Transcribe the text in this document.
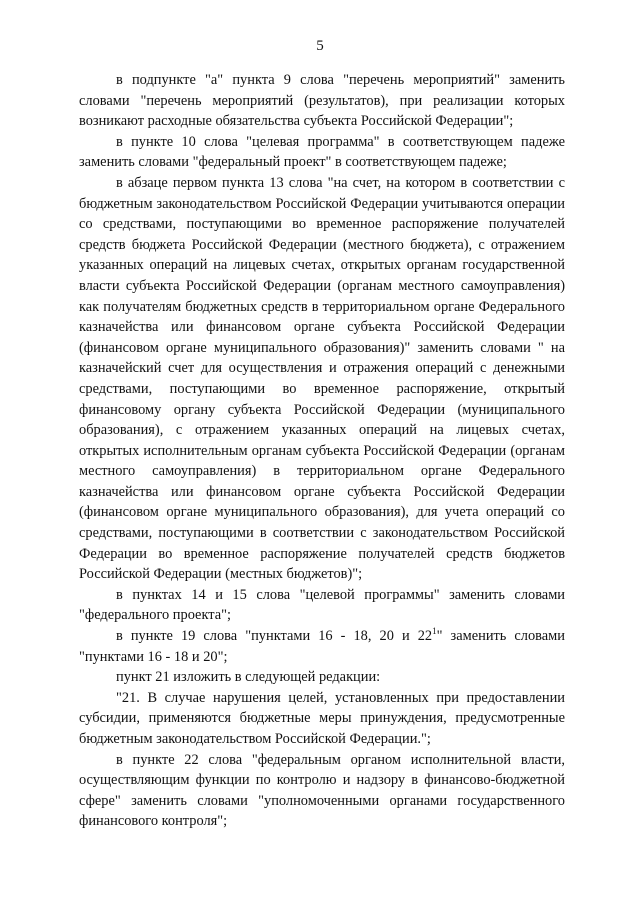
5

в подпункте "а" пункта 9 слова "перечень мероприятий" заменить словами "перечень мероприятий (результатов), при реализации которых возникают расходные обязательства субъекта Российской Федерации";

в пункте 10 слова "целевая программа" в соответствующем падеже заменить словами "федеральный проект" в соответствующем падеже;

в абзаце первом пункта 13 слова "на счет, на котором в соответствии с бюджетным законодательством Российской Федерации учитываются операции со средствами, поступающими во временное распоряжение получателей средств бюджета Российской Федерации (местного бюджета), с отражением указанных операций на лицевых счетах, открытых органам государственной власти субъекта Российской Федерации (органам местного самоуправления) как получателям бюджетных средств в территориальном органе Федерального казначейства или финансовом органе субъекта Российской Федерации (финансовом органе муниципального образования)" заменить словами " на казначейский счет для осуществления и отражения операций с денежными средствами, поступающими во временное распоряжение, открытый финансовому органу субъекта Российской Федерации (муниципального образования), с отражением указанных операций на лицевых счетах, открытых исполнительным органам субъекта Российской Федерации (органам местного самоуправления) в территориальном органе Федерального казначейства или финансовом органе субъекта Российской Федерации (финансовом органе муниципального образования), для учета операций со средствами, поступающими в соответствии с законодательством Российской Федерации во временное распоряжение получателей средств бюджетов Российской Федерации (местных бюджетов)";

в пунктах 14 и 15 слова "целевой программы" заменить словами "федерального проекта";

в пункте 19 слова "пунктами 16 - 18, 20 и $22^1$" заменить словами "пунктами 16 - 18 и 20";

пункт 21 изложить в следующей редакции:

"21. В случае нарушения целей, установленных при предоставлении субсидии, применяются бюджетные меры принуждения, предусмотренные бюджетным законодательством Российской Федерации.";

в пункте 22 слова "федеральным органом исполнительной власти, осуществляющим функции по контролю и надзору в финансово-бюджетной сфере" заменить словами "уполномоченными органами государственного финансового контроля";
